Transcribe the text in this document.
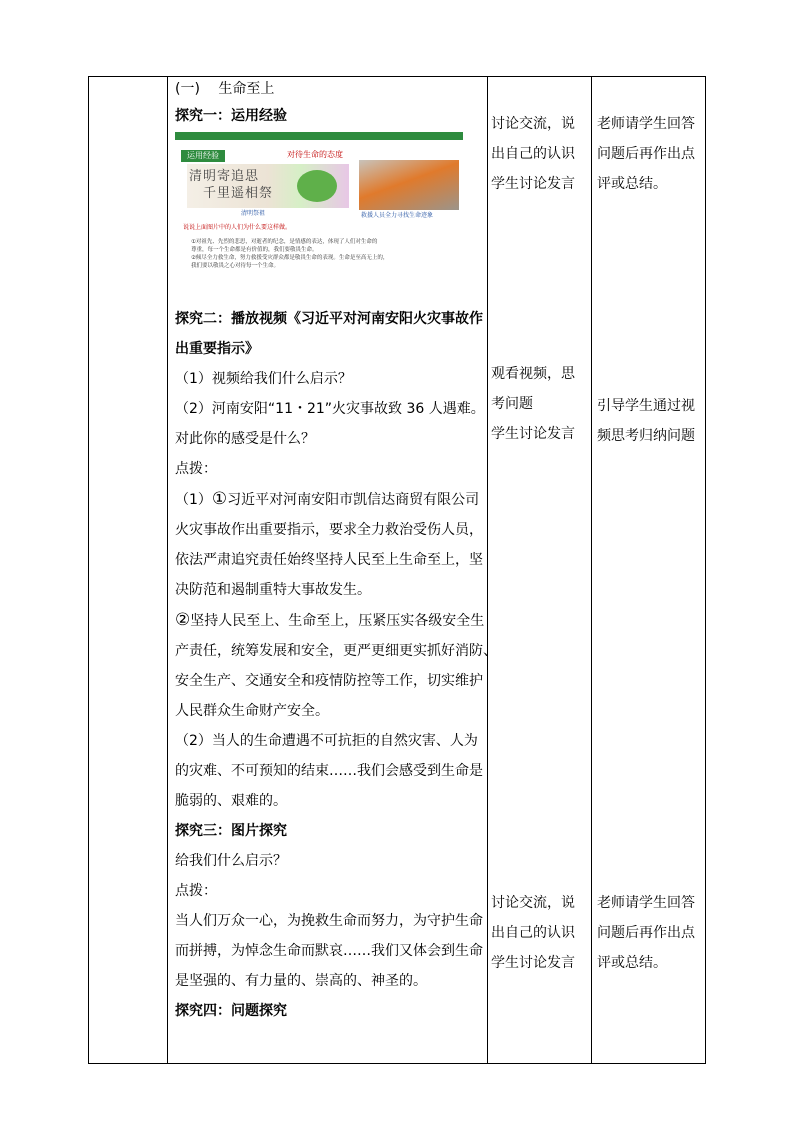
(一)　 生命至上
探究一：运用经验
学科网
运用经验	对待生命的态度
清明寄追思
千里遥相祭
清明祭祖	救援人员全力寻找生命迹象
说说上面图片中的人们为什么要这样做。
①对祖先、先烈的悲思，对逝者的纪念，是情感的表达，体现了人们对生命的
尊重，每一个生命都是有价值的，我们要敬畏生命。
②倾尽全力救生命，努力救援受灾群众都是敬畏生命的表现。生命是至高无上的，
我们要以敬畏之心对待每一个生命。
探究二：播放视频《习近平对河南安阳火灾事故作
出重要指示》
（1）视频给我们什么启示？
（2）河南安阳“11・21”火灾事故致 36 人遇难。
对此你的感受是什么？
点拨：
（1）①习近平对河南安阳市凯信达商贸有限公司
火灾事故作出重要指示，要求全力救治受伤人员，
依法严肃追究责任始终坚持人民至上生命至上，坚
决防范和遏制重特大事故发生。
②坚持人民至上、生命至上，压紧压实各级安全生
产责任，统筹发展和安全，更严更细更实抓好消防、
安全生产、交通安全和疫情防控等工作，切实维护
人民群众生命财产安全。
（2）当人的生命遭遇不可抗拒的自然灾害、人为
的灾难、不可预知的结束……我们会感受到生命是
脆弱的、艰难的。
探究三：图片探究
给我们什么启示？
点拨：
当人们万众一心，为挽救生命而努力，为守护生命
而拼搏，为悼念生命而默哀……我们又体会到生命
是坚强的、有力量的、崇高的、神圣的。
探究四：问题探究
讨论交流，说
出自己的认识
学生讨论发言
观看视频，思
考问题
学生讨论发言
讨论交流，说
出自己的认识
学生讨论发言
老师请学生回答
问题后再作出点
评或总结。
引导学生通过视
频思考归纳问题
老师请学生回答
问题后再作出点
评或总结。
